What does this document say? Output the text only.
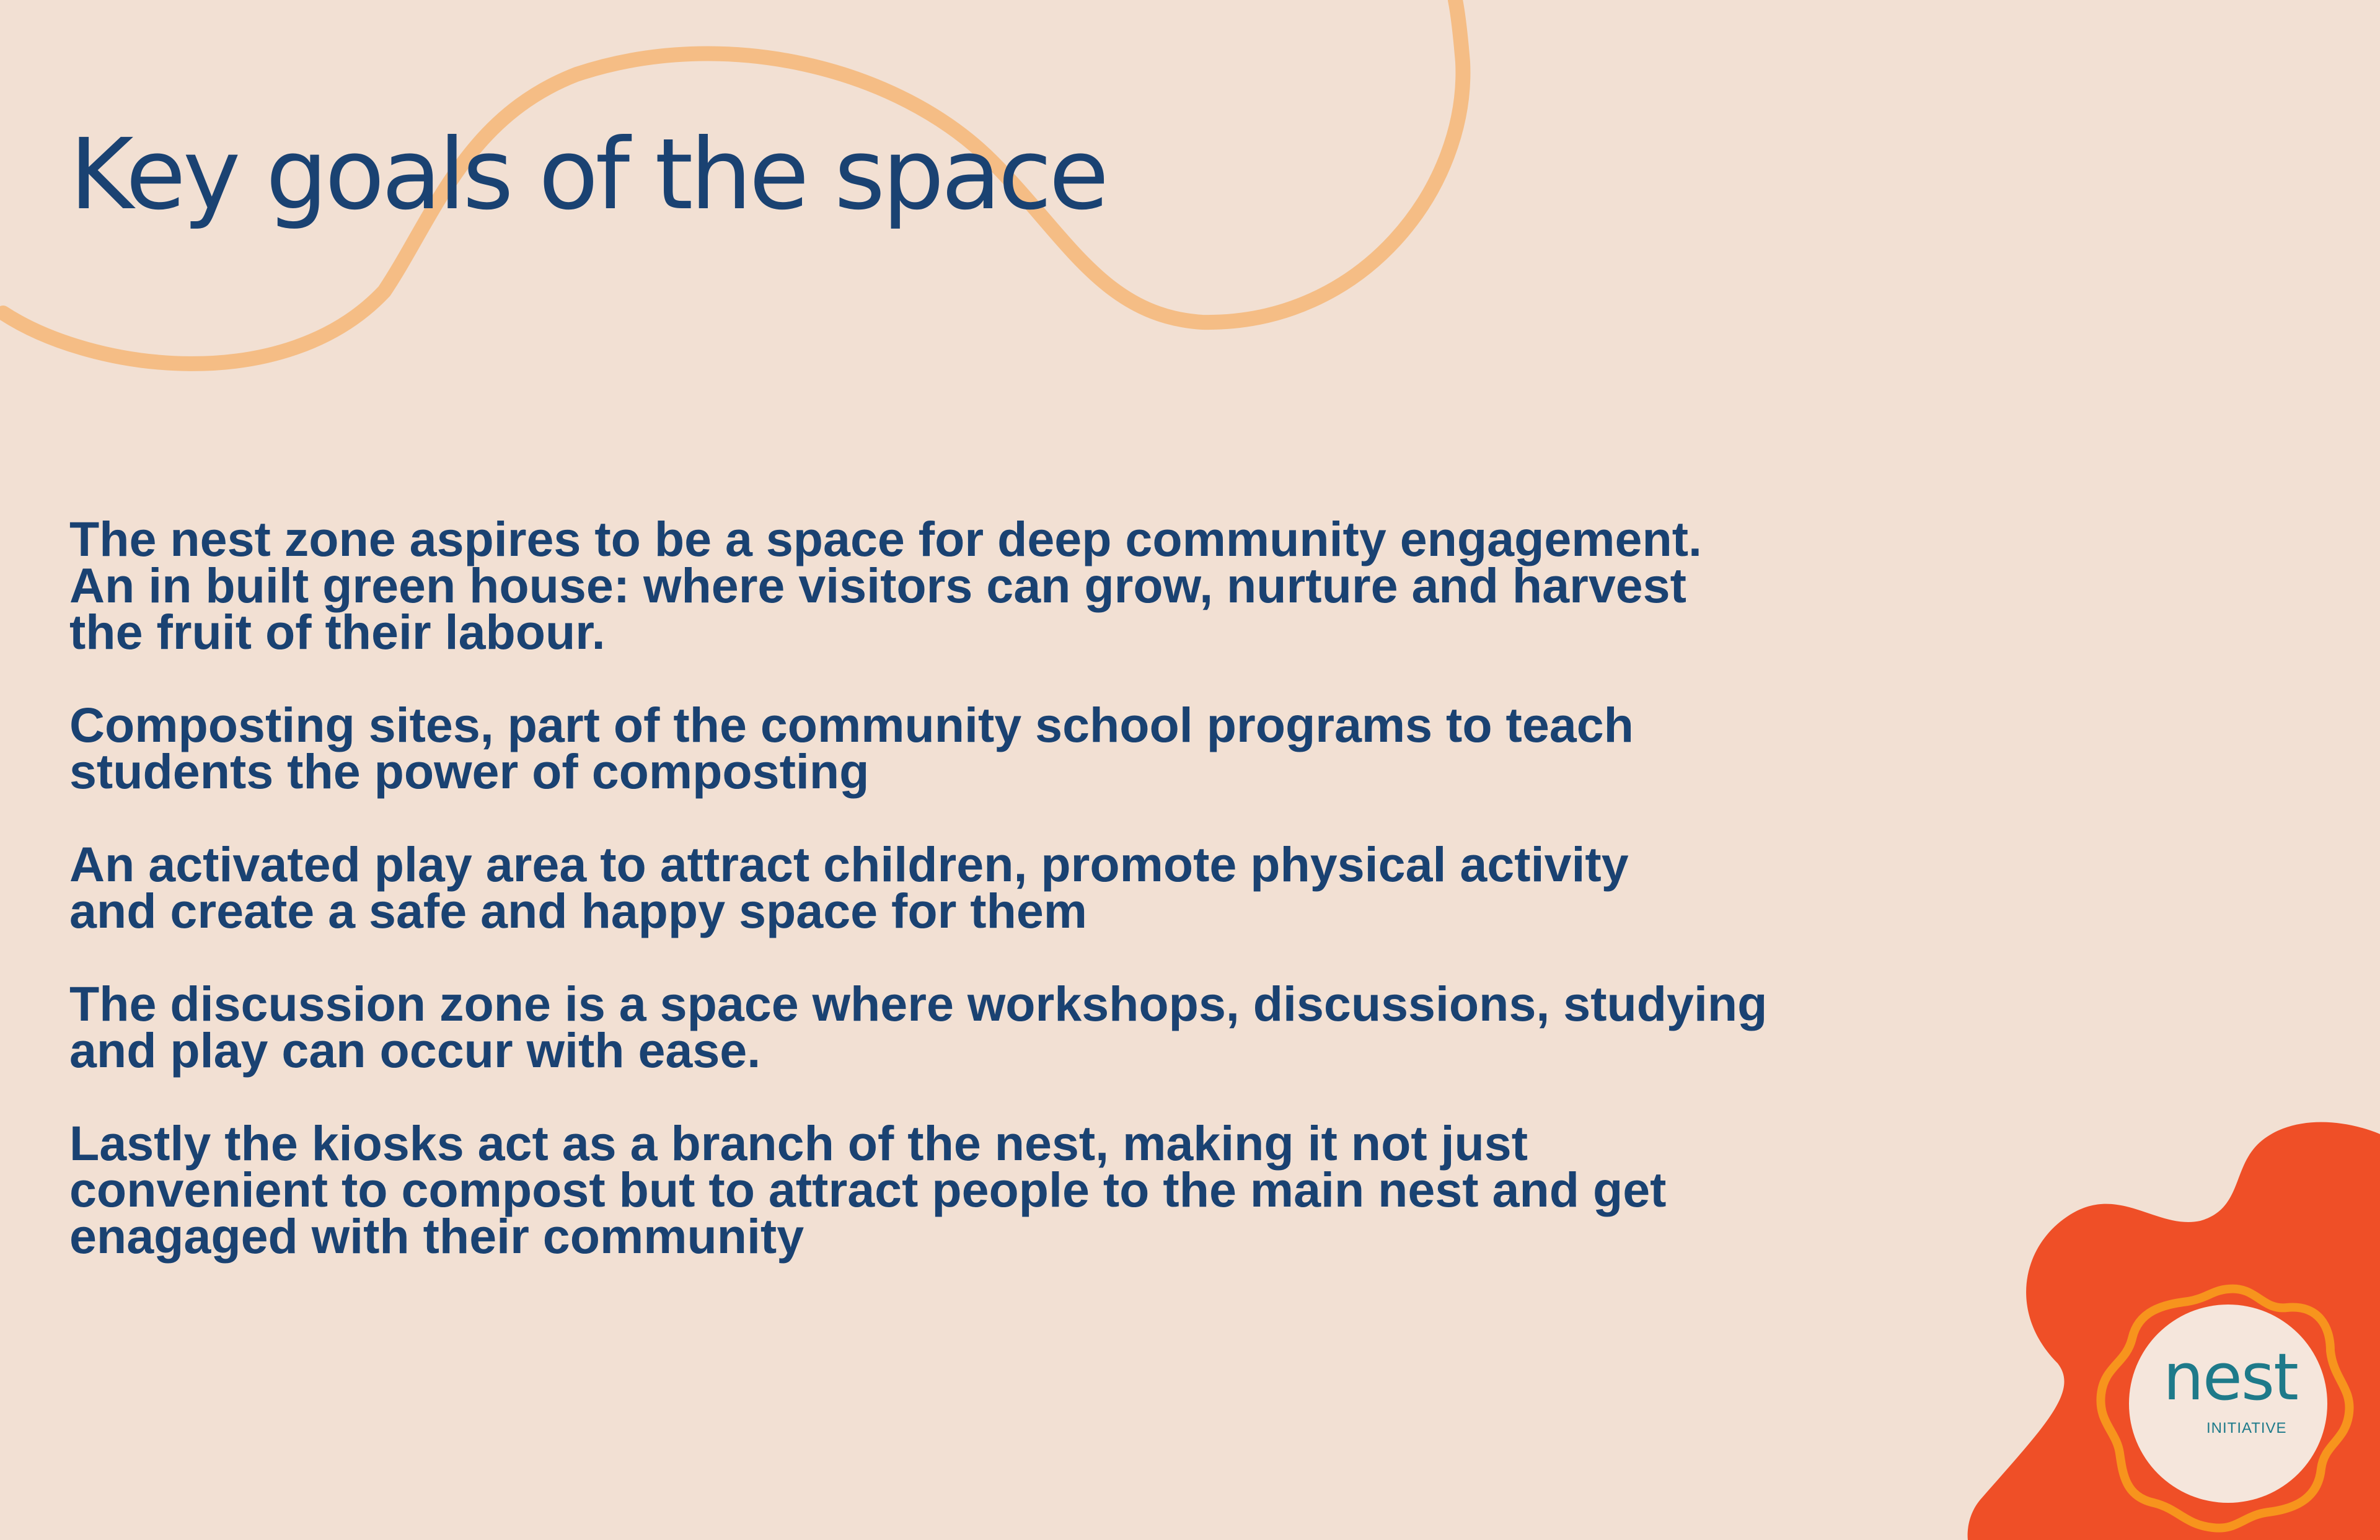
Key goals of the space

The nest zone aspires to be a space for deep community engagement.
An in built green house: where visitors can grow, nurture and harvest
the fruit of their labour.

Composting sites, part of the community school programs to teach
students the power of composting

An activated play area to attract children, promote physical activity
and create a safe and happy space for them

The discussion zone is a space where workshops, discussions, studying
and play can occur with ease.

Lastly the kiosks act as a branch of the nest, making it not just
convenient to compost but to attract people to the main nest and get
enagaged with their community

nest
INITIATIVE
